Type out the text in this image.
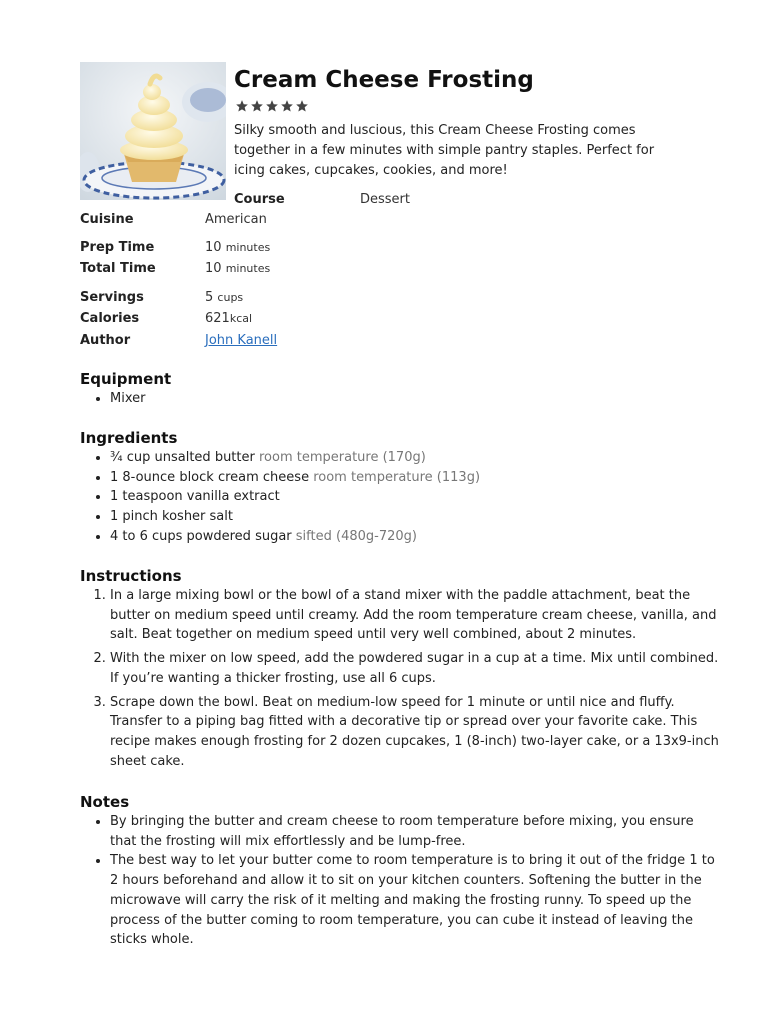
Cream Cheese Frosting

Silky smooth and luscious, this Cream Cheese Frosting comes together in a few minutes with simple pantry staples. Perfect for icing cakes, cupcakes, cookies, and more!

Course	Dessert
Cuisine	American
Prep Time	10 minutes
Total Time	10 minutes
Servings	5 cups
Calories	621kcal
Author	John Kanell
Equipment
• Mixer
Ingredients
• ¾ cup unsalted butter room temperature (170g)
• 1 8-ounce block cream cheese room temperature (113g)
• 1 teaspoon vanilla extract
• 1 pinch kosher salt
• 4 to 6 cups powdered sugar sifted (480g-720g)
Instructions
1. In a large mixing bowl or the bowl of a stand mixer with the paddle attachment, beat the butter on medium speed until creamy. Add the room temperature cream cheese, vanilla, and salt. Beat together on medium speed until very well combined, about 2 minutes.
2. With the mixer on low speed, add the powdered sugar in a cup at a time. Mix until combined. If you’re wanting a thicker frosting, use all 6 cups.
3. Scrape down the bowl. Beat on medium-low speed for 1 minute or until nice and fluffy. Transfer to a piping bag fitted with a decorative tip or spread over your favorite cake. This recipe makes enough frosting for 2 dozen cupcakes, 1 (8-inch) two-layer cake, or a 13x9-inch sheet cake.
Notes
• By bringing the butter and cream cheese to room temperature before mixing, you ensure that the frosting will mix effortlessly and be lump-free.
• The best way to let your butter come to room temperature is to bring it out of the fridge 1 to 2 hours beforehand and allow it to sit on your kitchen counters. Softening the butter in the microwave will carry the risk of it melting and making the frosting runny. To speed up the process of the butter coming to room temperature, you can cube it instead of leaving the sticks whole.
